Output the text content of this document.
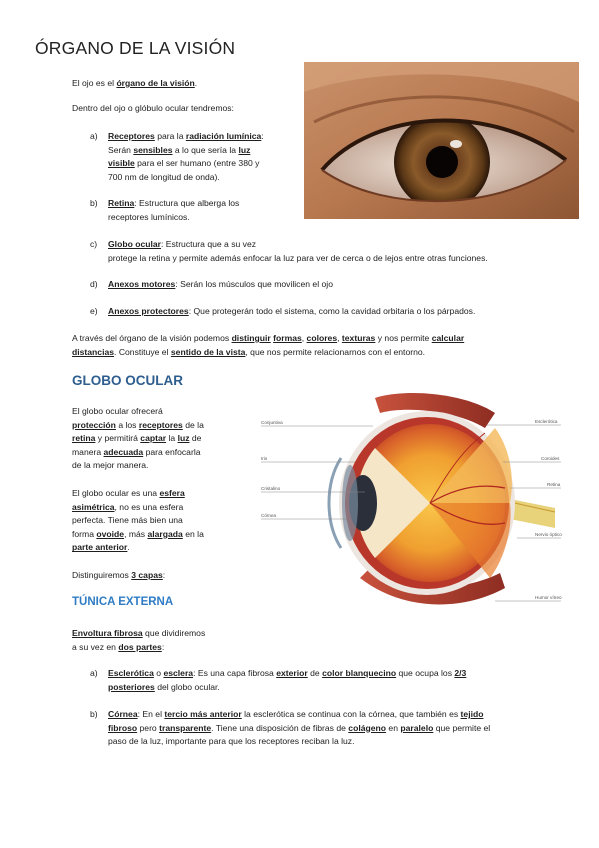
ÓRGANO DE LA VISIÓN
El ojo es el órgano de la visión.
Dentro del ojo o glóbulo ocular tendremos:
a)	Receptores para la radiación lumínica:
Serán sensibles a lo que sería la luz
visible para el ser humano (entre 380 y
700 nm de longitud de onda).
b)	Retina: Estructura que alberga los
receptores lumínicos.
c)	Globo ocular: Estructura que a su vez
protege la retina y permite además enfocar la luz para ver de cerca o de lejos entre otras funciones.
d)	Anexos motores: Serán los músculos que movilicen el ojo
e)	Anexos protectores: Que protegerán todo el sistema, como la cavidad orbitaria o los párpados.
A través del órgano de la visión podemos distinguir formas, colores, texturas y nos permite calcular
distancias. Constituye el sentido de la vista, que nos permite relacionarnos con el entorno.
GLOBO OCULAR
El globo ocular ofrecerá
protección a los receptores de la
retina y permitirá captar la luz de
manera adecuada para enfocarla
de la mejor manera.
El globo ocular es una esfera
asimétrica, no es una esfera
perfecta. Tiene más bien una
forma ovoide, más alargada en la
parte anterior.
Distinguiremos 3 capas:
Conjuntiva
Iris
Cristalino
Córnea
Esclerótica
Coroides
Retina
Nervio óptico
Humor vítreo
TÚNICA EXTERNA
Envoltura fibrosa que dividiremos
a su vez en dos partes:
a)	Esclerótica o esclera: Es una capa fibrosa exterior de color blanquecino que ocupa los 2/3
posteriores del globo ocular.
b)	Córnea: En el tercio más anterior la esclerótica se continua con la córnea, que también es tejido
fibroso pero transparente. Tiene una disposición de fibras de colágeno en paralelo que permite el
paso de la luz, importante para que los receptores reciban la luz.
